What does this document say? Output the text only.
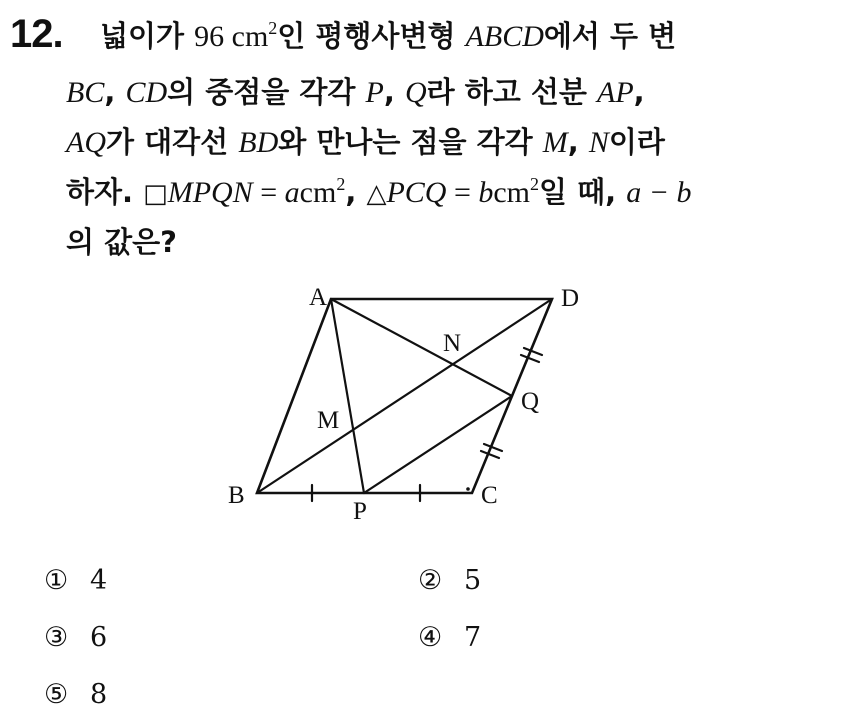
12. 넓이가 96 $cm^2$인 평행사변형 ABCD에서 두 변
BC, CD의 중점을 각각 P, Q라 하고 선분 AP,
AQ가 대각선 BD와 만나는 점을 각각 M, N이라
하자. □MPQN = acm$^2$, △PCQ = bcm$^2$일 때, a − b
의 값은?
A	D
N
Q
M
B	C
P
① 4	② 5
③ 6	④ 7
⑤ 8
